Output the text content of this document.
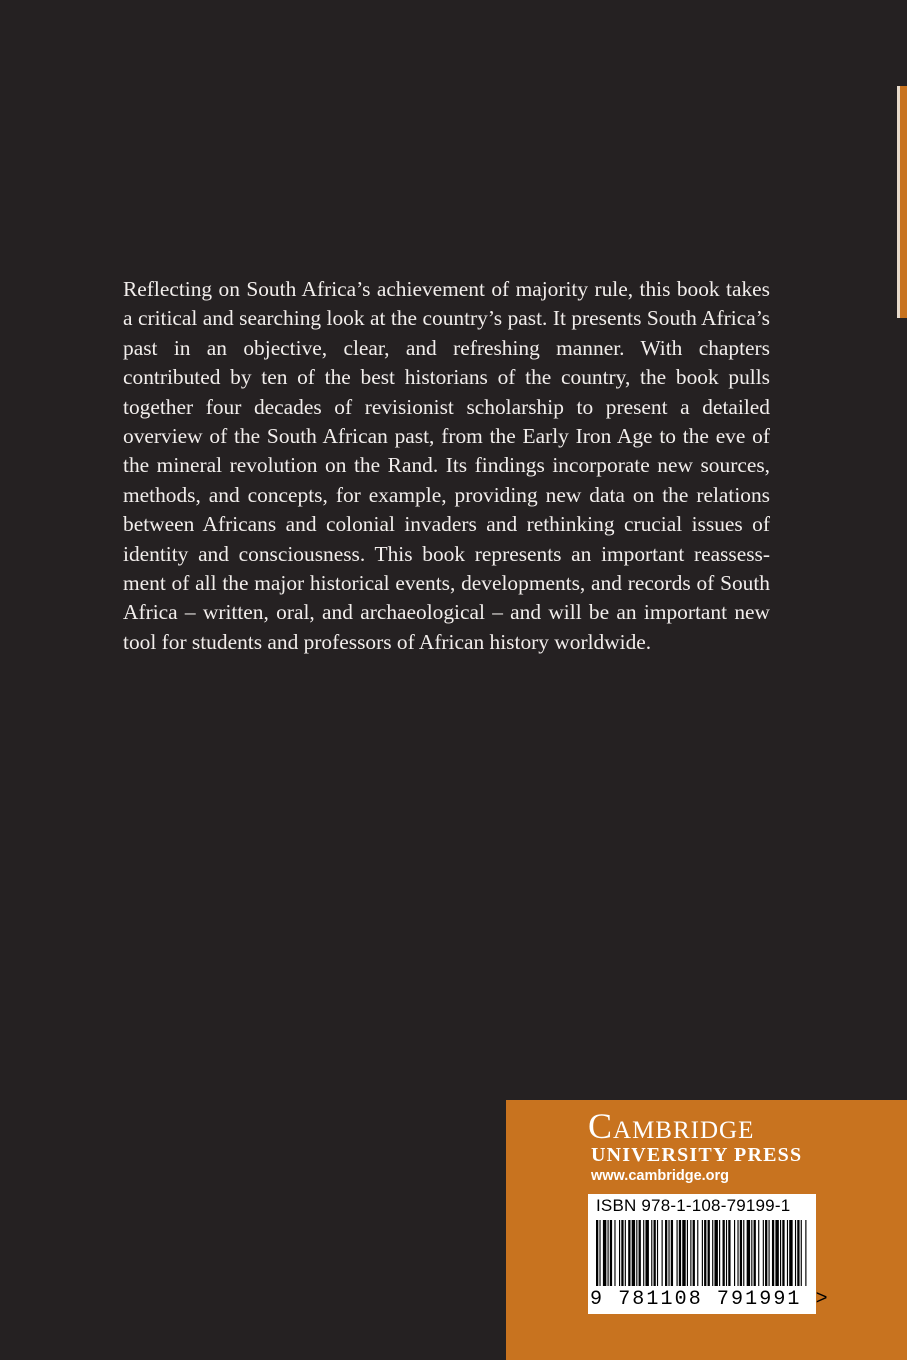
Reflecting on South Africa’s achievement of majority rule, this book takes a critical and searching look at the country’s past. It presents South Africa’s past in an objective, clear, and refreshing manner. With chapters contributed by ten of the best historians of the country, the book pulls together four decades of revisionist scholarship to present a detailed overview of the South African past, from the Early Iron Age to the eve of the mineral revolution on the Rand. Its findings incorporate new sources, methods, and concepts, for example, providing new data on the relations between Africans and colonial invaders and rethinking crucial issues of identity and consciousness. This book represents an important reassessment of all the major historical events, developments, and records of South Africa – written, oral, and archaeological – and will be an important new tool for students and professors of African history worldwide.

Cambridge
UNIVERSITY PRESS
www.cambridge.org
ISBN 978-1-108-79199-1
9 781108 791991 >
